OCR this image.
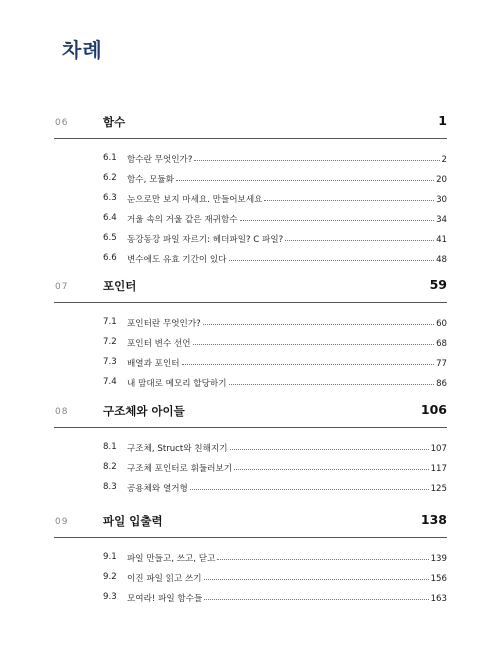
차례
06	함수	1
6.1	함수란 무엇인가?	2
6.2	함수, 모듈화	20
6.3	눈으로만 보지 마세요. 만들어보세요	30
6.4	거울 속의 거울 같은 재귀함수	34
6.5	동강동강 파일 자르기: 헤더파일? C 파일?	41
6.6	변수에도 유효 기간이 있다	48
07	포인터	59
7.1	포인터란 무엇인가?	60
7.2	포인터 변수 선언	68
7.3	배열과 포인터	77
7.4	내 맘대로 메모리 할당하기	86
08	구조체와 아이들	106
8.1	구조체, Struct와 친해지기	107
8.2	구조체 포인터로 휘둘러보기	117
8.3	공용체와 열거형	125
09	파일 입출력	138
9.1	파일 만들고, 쓰고, 닫고	139
9.2	이진 파일 읽고 쓰기	156
9.3	모여라! 파일 함수들	163
